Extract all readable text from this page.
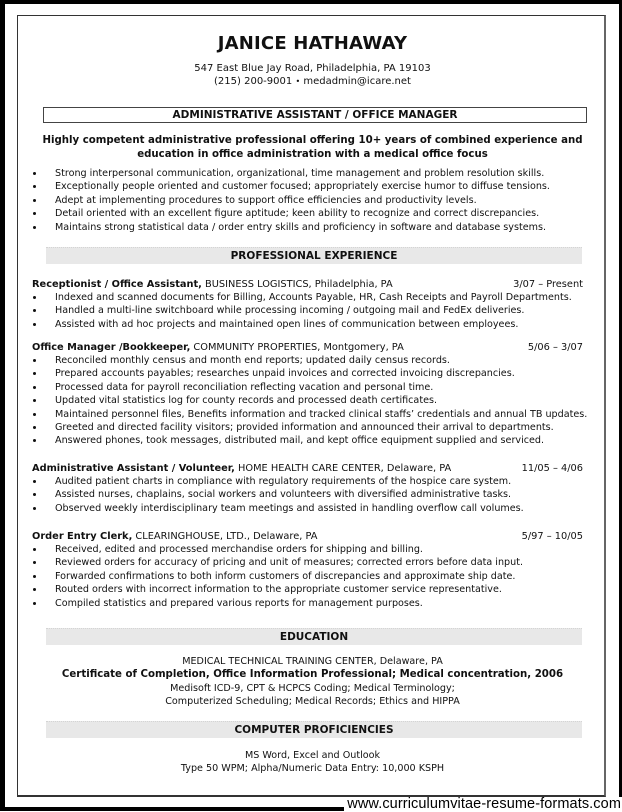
JANICE HATHAWAY
547 East Blue Jay Road, Philadelphia, PA 19103
(215) 200-9001 • medadmin@icare.net
ADMINISTRATIVE ASSISTANT / OFFICE MANAGER
Highly competent administrative professional offering 10+ years of combined experience and
education in office administration with a medical office focus
Strong interpersonal communication, organizational, time management and problem resolution skills.
Exceptionally people oriented and customer focused; appropriately exercise humor to diffuse tensions.
Adept at implementing procedures to support office efficiencies and productivity levels.
Detail oriented with an excellent figure aptitude; keen ability to recognize and correct discrepancies.
Maintains strong statistical data / order entry skills and proficiency in software and database systems.
PROFESSIONAL EXPERIENCE
Receptionist / Office Assistant, BUSINESS LOGISTICS, Philadelphia, PA	3/07 – Present
Indexed and scanned documents for Billing, Accounts Payable, HR, Cash Receipts and Payroll Departments.
Handled a multi-line switchboard while processing incoming / outgoing mail and FedEx deliveries.
Assisted with ad hoc projects and maintained open lines of communication between employees.
Office Manager /Bookkeeper, COMMUNITY PROPERTIES, Montgomery, PA	5/06 – 3/07
Reconciled monthly census and month end reports; updated daily census records.
Prepared accounts payables; researches unpaid invoices and corrected invoicing discrepancies.
Processed data for payroll reconciliation reflecting vacation and personal time.
Updated vital statistics log for county records and processed death certificates.
Maintained personnel files, Benefits information and tracked clinical staffs’ credentials and annual TB updates.
Greeted and directed facility visitors; provided information and announced their arrival to departments.
Answered phones, took messages, distributed mail, and kept office equipment supplied and serviced.
Administrative Assistant / Volunteer, HOME HEALTH CARE CENTER, Delaware, PA	11/05 – 4/06
Audited patient charts in compliance with regulatory requirements of the hospice care system.
Assisted nurses, chaplains, social workers and volunteers with diversified administrative tasks.
Observed weekly interdisciplinary team meetings and assisted in handling overflow call volumes.
Order Entry Clerk, CLEARINGHOUSE, LTD., Delaware, PA	5/97 – 10/05
Received, edited and processed merchandise orders for shipping and billing.
Reviewed orders for accuracy of pricing and unit of measures; corrected errors before data input.
Forwarded confirmations to both inform customers of discrepancies and approximate ship date.
Routed orders with incorrect information to the appropriate customer service representative.
Compiled statistics and prepared various reports for management purposes.
EDUCATION
MEDICAL TECHNICAL TRAINING CENTER, Delaware, PA
Certificate of Completion, Office Information Professional; Medical concentration, 2006
Medisoft ICD-9, CPT & HCPCS Coding; Medical Terminology;
Computerized Scheduling; Medical Records; Ethics and HIPPA
COMPUTER PROFICIENCIES
MS Word, Excel and Outlook
Type 50 WPM; Alpha/Numeric Data Entry: 10,000 KSPH
www.curriculumvitae-resume-formats.com
